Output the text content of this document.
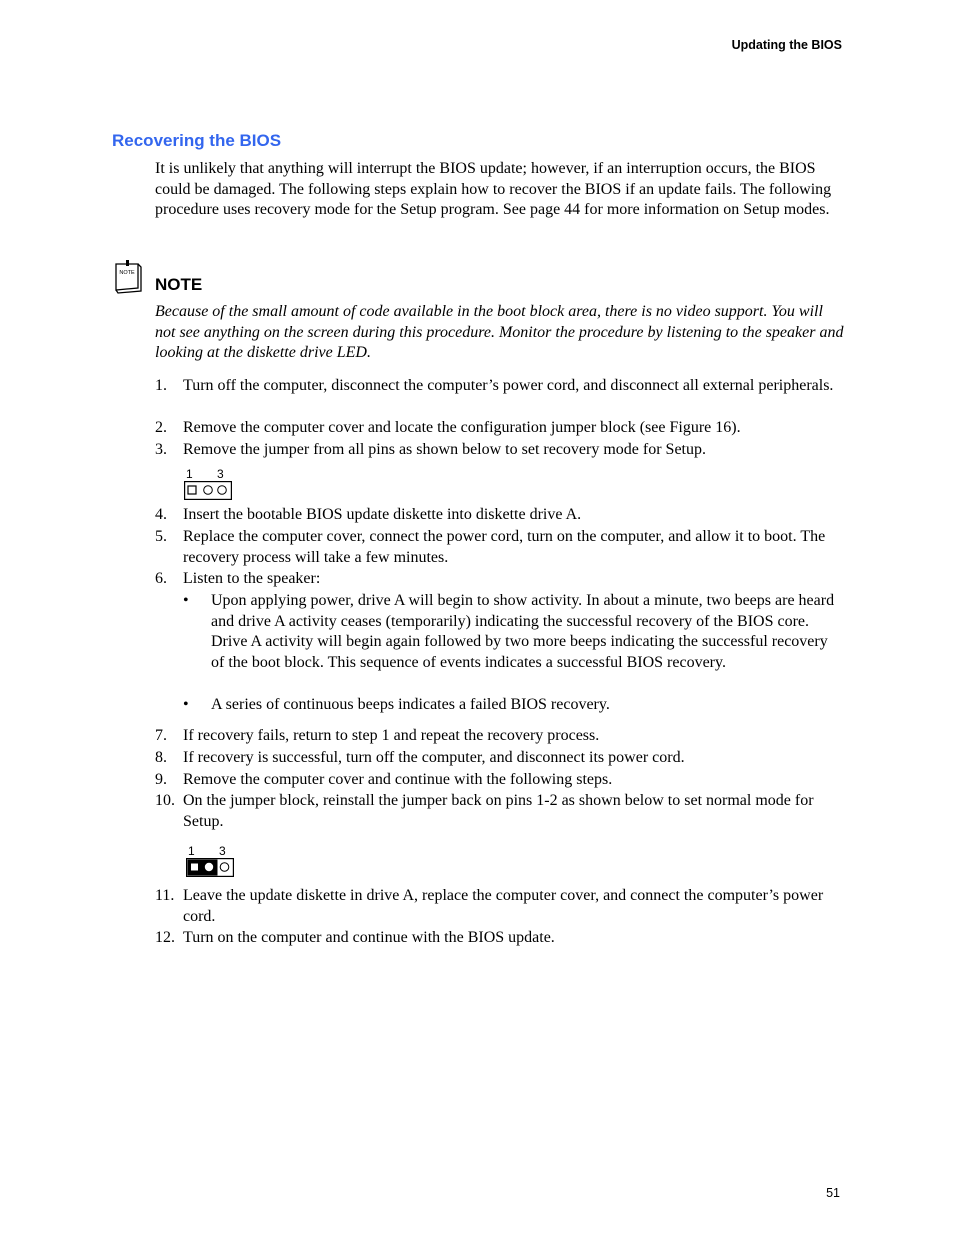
Updating the BIOS
Recovering the BIOS

It is unlikely that anything will interrupt the BIOS update; however, if an interruption occurs, the BIOS could be damaged. The following steps explain how to recover the BIOS if an update fails. The following procedure uses recovery mode for the Setup program. See page 44 for more information on Setup modes.

NOTE
NOTE

Because of the small amount of code available in the boot block area, there is no video support. You will not see anything on the screen during this procedure. Monitor the procedure by listening to the speaker and looking at the diskette drive LED.

1. Turn off the computer, disconnect the computer’s power cord, and disconnect all external peripherals.
2. Remove the computer cover and locate the configuration jumper block (see Figure 16).
3. Remove the jumper from all pins as shown below to set recovery mode for Setup.
1 3
4. Insert the bootable BIOS update diskette into diskette drive A.
5. Replace the computer cover, connect the power cord, turn on the computer, and allow it to boot. The recovery process will take a few minutes.
6. Listen to the speaker:
• Upon applying power, drive A will begin to show activity. In about a minute, two beeps are heard and drive A activity ceases (temporarily) indicating the successful recovery of the BIOS core. Drive A activity will begin again followed by two more beeps indicating the successful recovery of the boot block. This sequence of events indicates a successful BIOS recovery.
• A series of continuous beeps indicates a failed BIOS recovery.
7. If recovery fails, return to step 1 and repeat the recovery process.
8. If recovery is successful, turn off the computer, and disconnect its power cord.
9. Remove the computer cover and continue with the following steps.
10. On the jumper block, reinstall the jumper back on pins 1-2 as shown below to set normal mode for Setup.
1 3
11. Leave the update diskette in drive A, replace the computer cover, and connect the computer’s power cord.
12. Turn on the computer and continue with the BIOS update.
51
